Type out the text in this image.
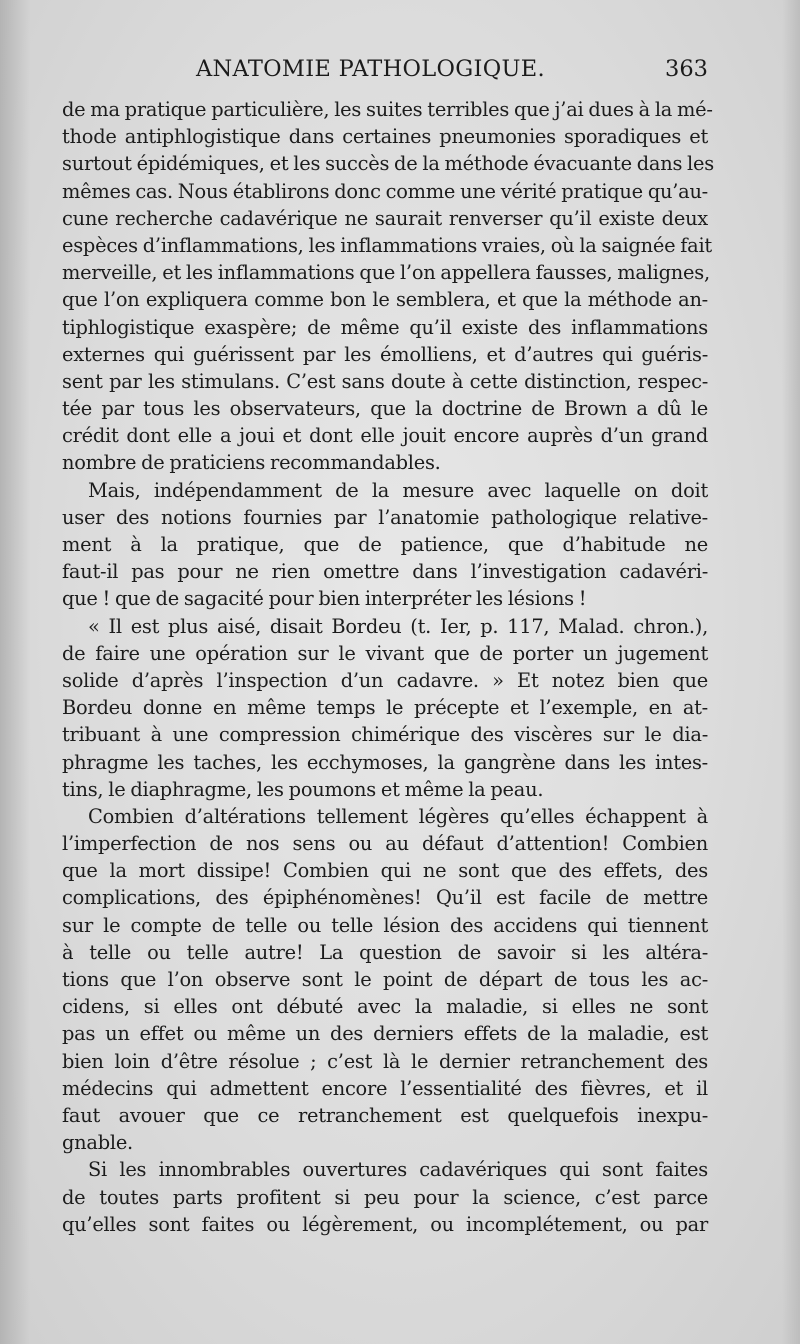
ANATOMIE PATHOLOGIQUE.	363
de ma pratique particulière, les suites terribles que j’ai dues à la mé-
thode antiphlogistique dans certaines pneumonies sporadiques et
surtout épidémiques, et les succès de la méthode évacuante dans les
mêmes cas. Nous établirons donc comme une vérité pratique qu’au-
cune recherche cadavérique ne saurait renverser qu’il existe deux
espèces d’inflammations, les inflammations vraies, où la saignée fait
merveille, et les inflammations que l’on appellera fausses, malignes,
que l’on expliquera comme bon le semblera, et que la méthode an-
tiphlogistique exaspère; de même qu’il existe des inflammations
externes qui guérissent par les émolliens, et d’autres qui guéris-
sent par les stimulans. C’est sans doute à cette distinction, respec-
tée par tous les observateurs, que la doctrine de Brown a dû le
crédit dont elle a joui et dont elle jouit encore auprès d’un grand
nombre de praticiens recommandables.
Mais, indépendamment de la mesure avec laquelle on doit
user des notions fournies par l’anatomie pathologique relative-
ment à la pratique, que de patience, que d’habitude ne
faut-il pas pour ne rien omettre dans l’investigation cadavéri-
que ! que de sagacité pour bien interpréter les lésions !
« Il est plus aisé, disait Bordeu (t. Ier, p. 117, Malad. chron.),
de faire une opération sur le vivant que de porter un jugement
solide d’après l’inspection d’un cadavre. » Et notez bien que
Bordeu donne en même temps le précepte et l’exemple, en at-
tribuant à une compression chimérique des viscères sur le dia-
phragme les taches, les ecchymoses, la gangrène dans les intes-
tins, le diaphragme, les poumons et même la peau.
Combien d’altérations tellement légères qu’elles échappent à
l’imperfection de nos sens ou au défaut d’attention! Combien
que la mort dissipe! Combien qui ne sont que des effets, des
complications, des épiphénomènes! Qu’il est facile de mettre
sur le compte de telle ou telle lésion des accidens qui tiennent
à telle ou telle autre! La question de savoir si les altéra-
tions que l’on observe sont le point de départ de tous les ac-
cidens, si elles ont débuté avec la maladie, si elles ne sont
pas un effet ou même un des derniers effets de la maladie, est
bien loin d’être résolue ; c’est là le dernier retranchement des
médecins qui admettent encore l’essentialité des fièvres, et il
faut avouer que ce retranchement est quelquefois inexpu-
gnable.
Si les innombrables ouvertures cadavériques qui sont faites
de toutes parts profitent si peu pour la science, c’est parce
qu’elles sont faites ou légèrement, ou incomplétement, ou par
